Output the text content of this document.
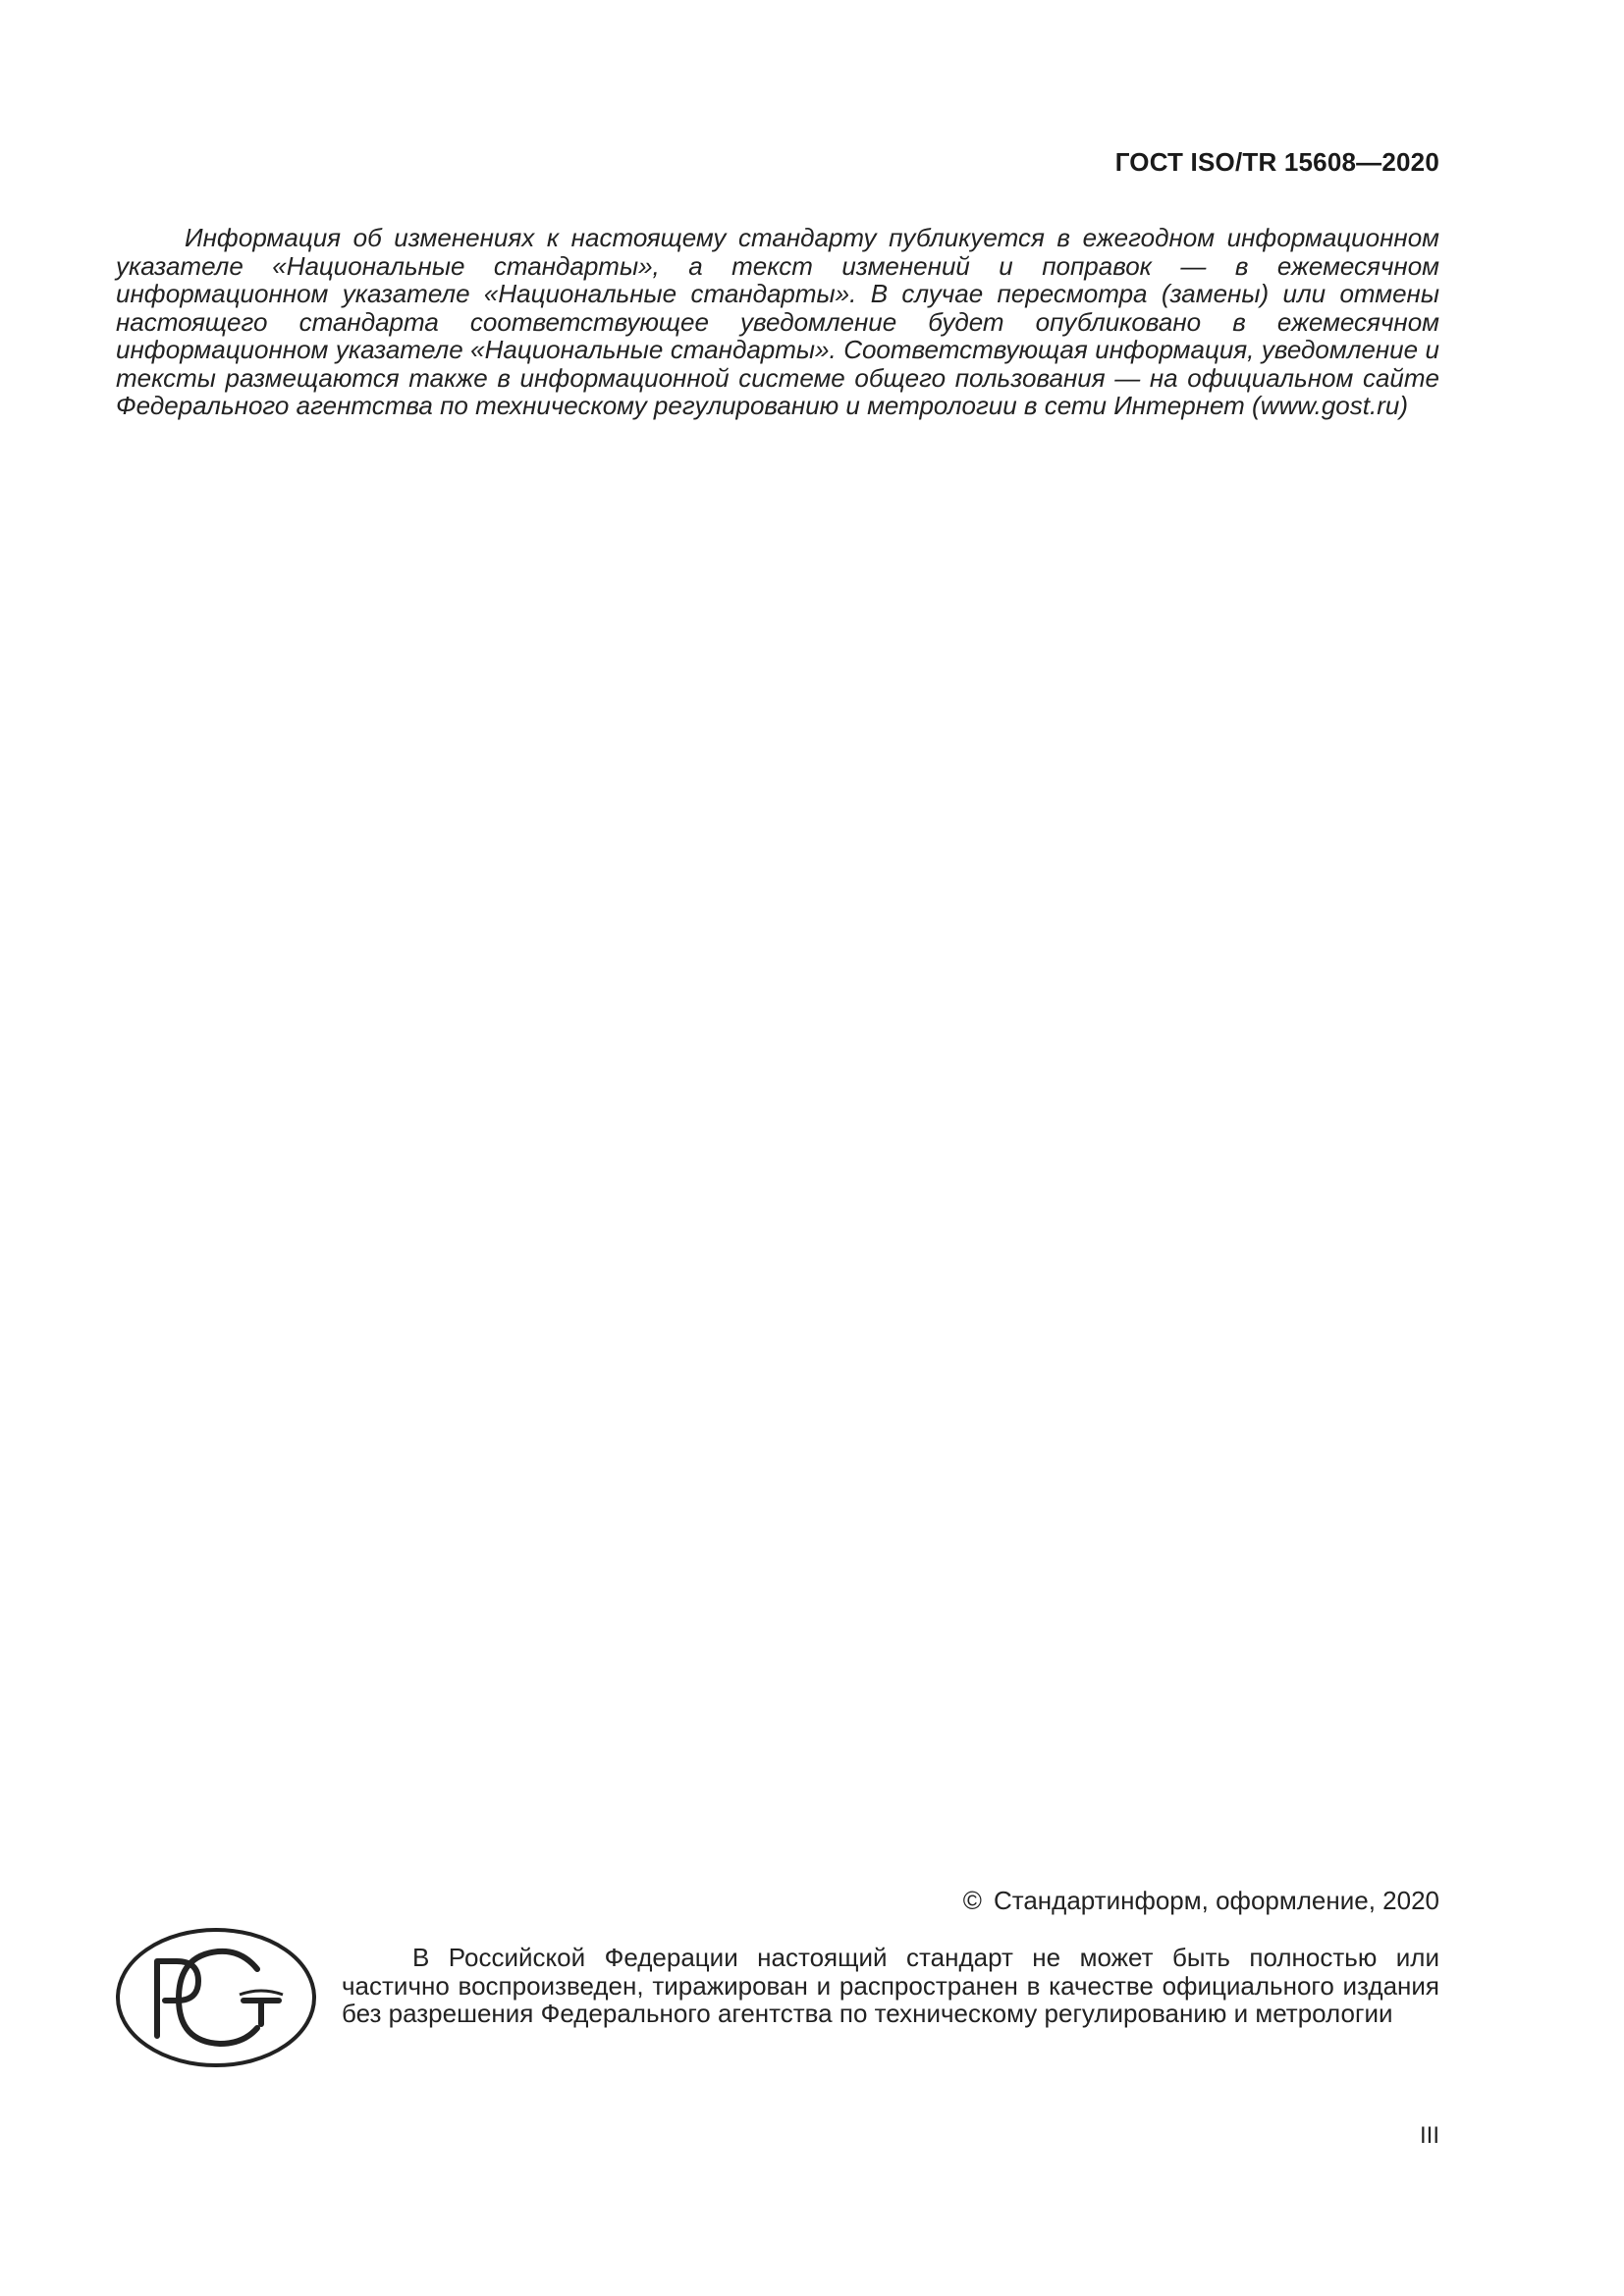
ГОСТ ISO/TR 15608—2020

Информация об изменениях к настоящему стандарту публикуется в ежегодном информационном указателе «Национальные стандарты», а текст изменений и поправок — в ежемесячном информационном указателе «Национальные стандарты». В случае пересмотра (замены) или отмены настоящего стандарта соответствующее уведомление будет опубликовано в ежемесячном информационном указателе «Национальные стандарты». Соответствующая информация, уведомление и тексты размещаются также в информационной системе общего пользования — на официальном сайте Федерального агентства по техническому регулированию и метрологии в сети Интернет (www.gost.ru)

© Стандартинформ, оформление, 2020

В Российской Федерации настоящий стандарт не может быть полностью или частично воспроизведен, тиражирован и распространен в качестве официального издания без разрешения Федерального агентства по техническому регулированию и метрологии

III
